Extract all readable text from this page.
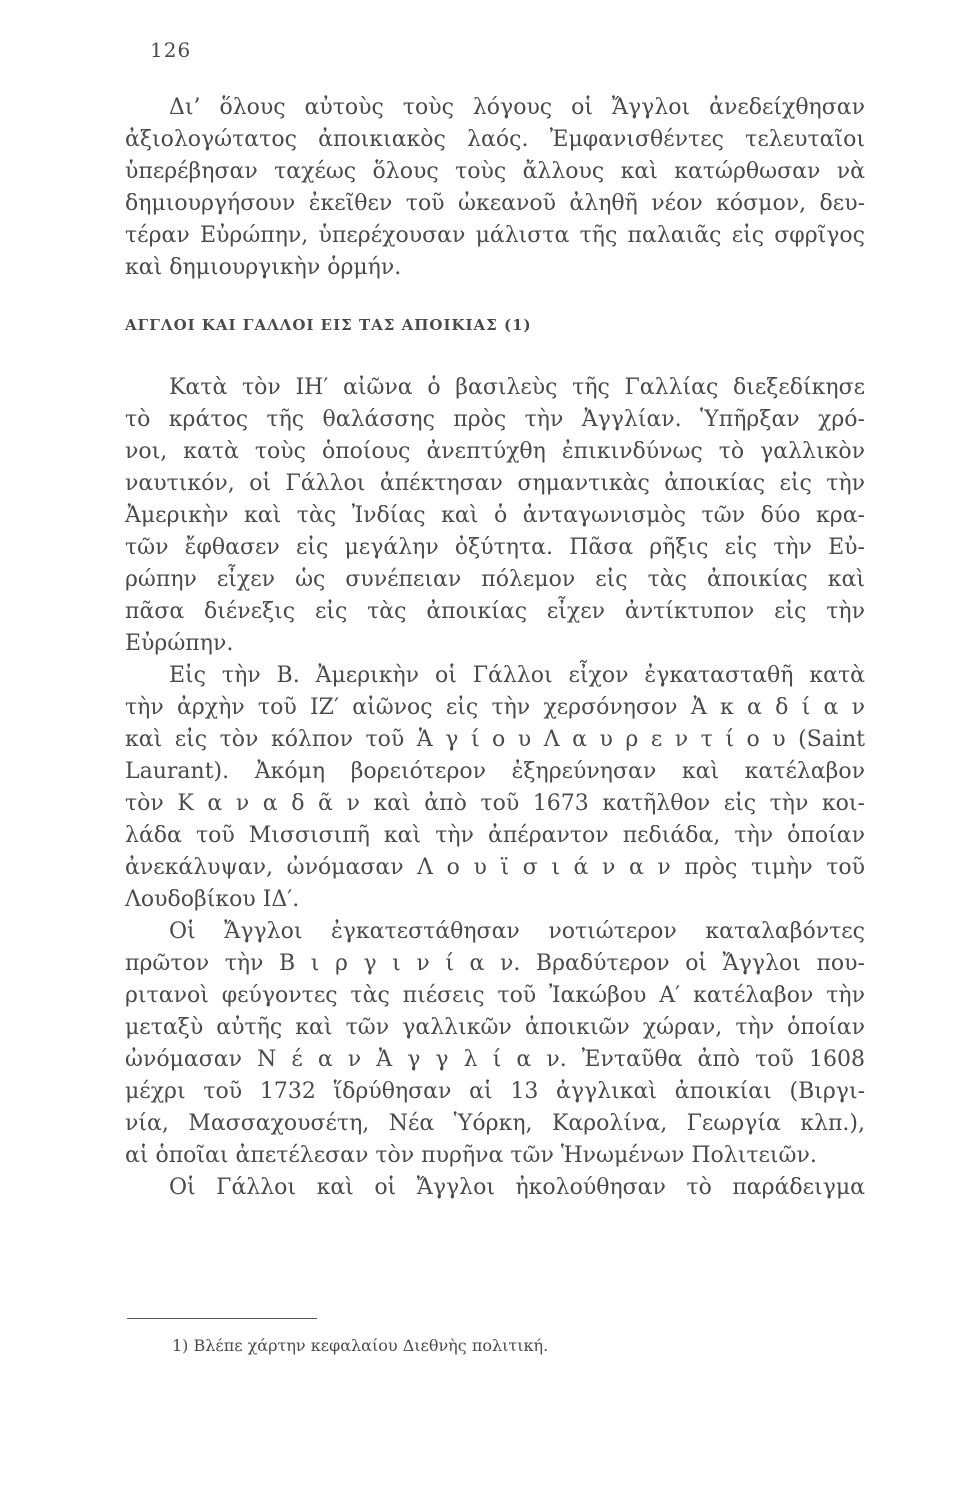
126
Δι’ ὅλους αὐτοὺς τοὺς λόγους οἱ Ἄγγλοι ἀνεδείχθησαν
ἀξιολογώτατος ἀποικιακὸς λαός. Ἐμφανισθέντες τελευταῖοι
ὑπερέβησαν ταχέως ὅλους τοὺς ἄλλους καὶ κατώρθωσαν νὰ
δημιουργήσουν ἐκεῖθεν τοῦ ὠκεανοῦ ἀληθῆ νέον κόσμον, δευ-
τέραν Εὐρώπην, ὑπερέχουσαν μάλιστα τῆς παλαιᾶς εἰς σφρῖγος
καὶ δημιουργικὴν ὁρμήν.
ΑΓΓΛΟΙ ΚΑΙ ΓΑΛΛΟΙ ΕΙΣ ΤΑΣ ΑΠΟΙΚΙΑΣ (1)
Κατὰ τὸν ΙΗ′ αἰῶνα ὁ βασιλεὺς τῆς Γαλλίας διεξεδίκησε
τὸ κράτος τῆς θαλάσσης πρὸς τὴν Ἀγγλίαν. Ὑπῆρξαν χρό-
νοι, κατὰ τοὺς ὁποίους ἀνεπτύχθη ἐπικινδύνως τὸ γαλλικὸν
ναυτικόν, οἱ Γάλλοι ἀπέκτησαν σημαντικὰς ἀποικίας εἰς τὴν
Ἀμερικὴν καὶ τὰς Ἰνδίας καὶ ὁ ἀνταγωνισμὸς τῶν δύο κρα-
τῶν ἔφθασεν εἰς μεγάλην ὀξύτητα. Πᾶσα ρῆξις εἰς τὴν Εὐ-
ρώπην εἶχεν ὡς συνέπειαν πόλεμον εἰς τὰς ἀποικίας καὶ
πᾶσα διένεξις εἰς τὰς ἀποικίας εἶχεν ἀντίκτυπον εἰς τὴν
Εὐρώπην.
Εἰς τὴν Β. Ἀμερικὴν οἱ Γάλλοι εἶχον ἐγκατασταθῆ κατὰ
τὴν ἀρχὴν τοῦ ΙΖ′ αἰῶνος εἰς τὴν χερσόνησον Ἀ κ α δ ί α ν
καὶ εἰς τὸν κόλπον τοῦ Ἁ γ ί ο υ Λ α υ ρ ε ν τ ί ο υ (Saint
Laurant). Ἀκόμη βορειότερον ἐξηρεύνησαν καὶ κατέλαβον
τὸν Κ α ν α δ ᾶ ν καὶ ἀπὸ τοῦ 1673 κατῆλθον εἰς τὴν κοι-
λάδα τοῦ Μισσισιπῆ καὶ τὴν ἀπέραντον πεδιάδα, τὴν ὁποίαν
ἀνεκάλυψαν, ὠνόμασαν Λ ο υ ϊ σ ι ά ν α ν πρὸς τιμὴν τοῦ
Λουδοβίκου ΙΔ′.
Οἱ Ἄγγλοι ἐγκατεστάθησαν νοτιώτερον καταλαβόντες
πρῶτον τὴν Β ι ρ γ ι ν ί α ν. Βραδύτερον οἱ Ἄγγλοι που-
ριτανοὶ φεύγοντες τὰς πιέσεις τοῦ Ἰακώβου Α′ κατέλαβον τὴν
μεταξὺ αὐτῆς καὶ τῶν γαλλικῶν ἀποικιῶν χώραν, τὴν ὁποίαν
ὠνόμασαν Ν έ α ν Ἀ γ γ λ ί α ν. Ἐνταῦθα ἀπὸ τοῦ 1608
μέχρι τοῦ 1732 ἵδρύθησαν αἱ 13 ἀγγλικαὶ ἀποικίαι (Βιργι-
νία, Μασσαχουσέτη, Νέα Ὑόρκη, Καρολίνα, Γεωργία κλπ.),
αἱ ὁποῖαι ἀπετέλεσαν τὸν πυρῆνα τῶν Ἡνωμένων Πολιτειῶν.
Οἱ Γάλλοι καὶ οἱ Ἄγγλοι ἠκολούθησαν τὸ παράδειγμα
1) Βλέπε χάρτην κεφαλαίου Διεθνὴς πολιτική.
